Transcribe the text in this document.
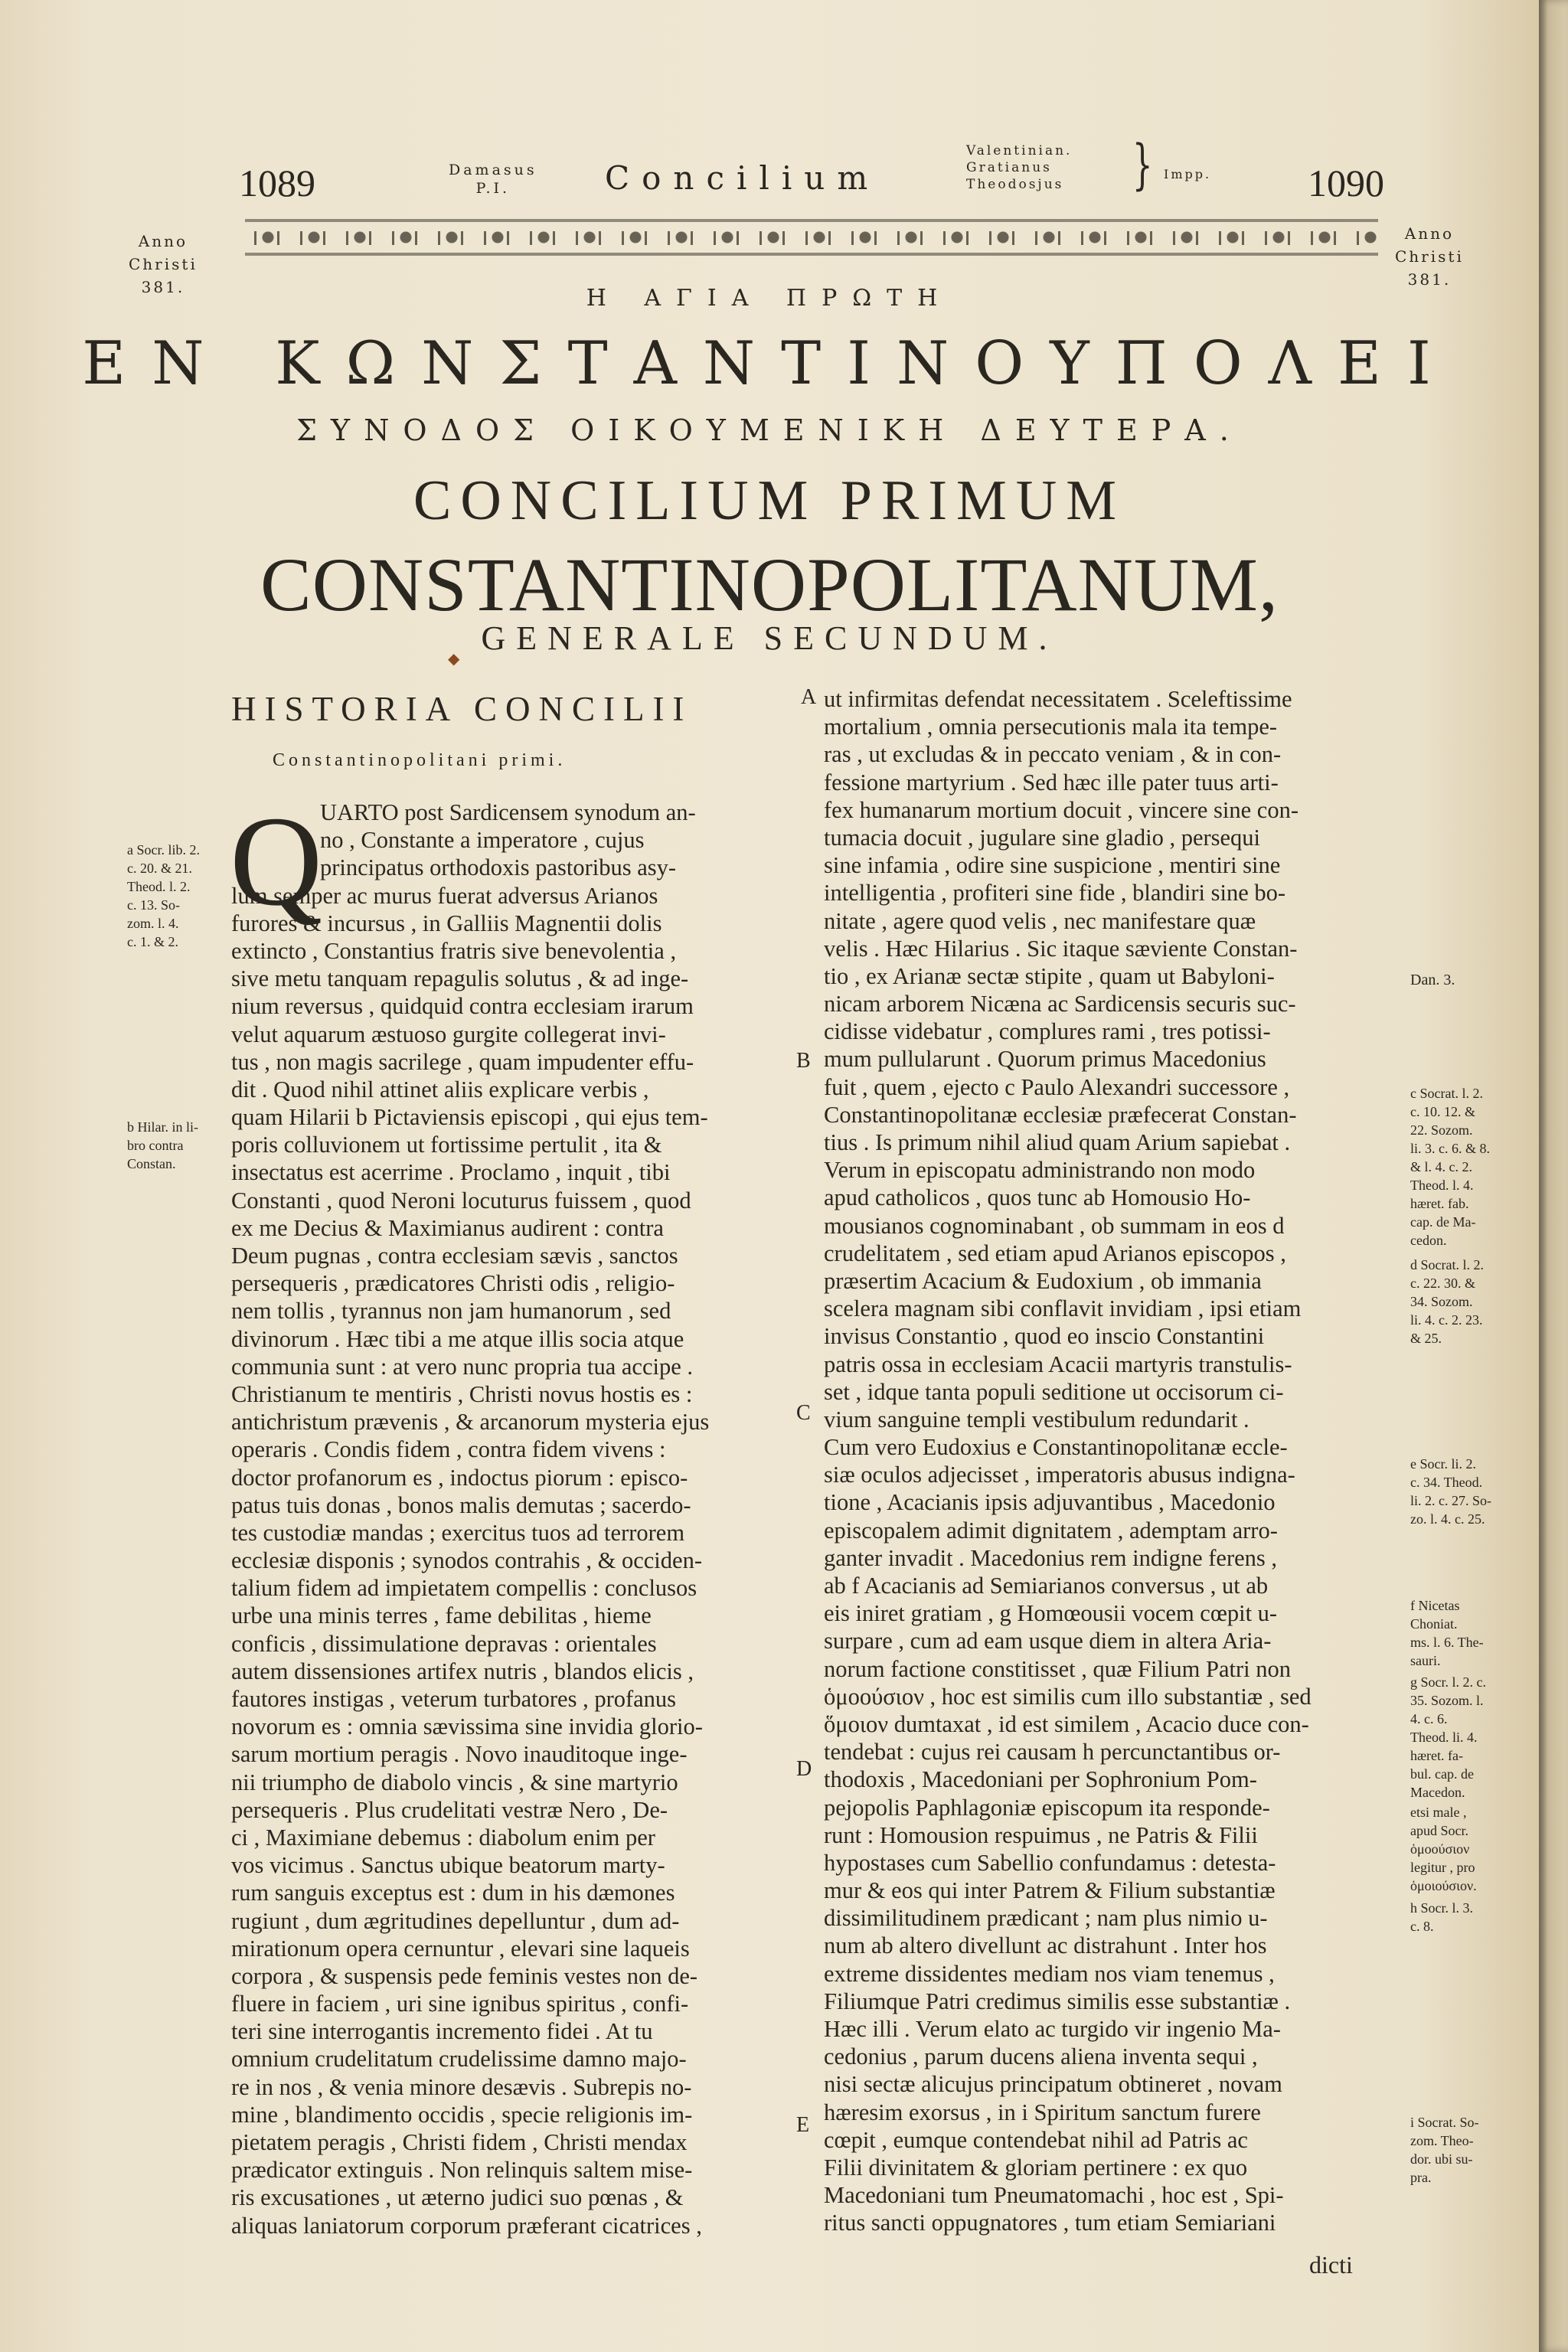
1089	Damasus
P.I.	Concilium
Valentinian.
Gratianus
Theodosjus } Impp.	1090
Anno
Christi
381.
Anno
Christi
381.
Η ΑΓΙΑ ΠΡΩΤΗ
ΕΝ ΚΩΝΣΤΑΝΤΙΝΟΥΠΟΛΕΙ
ΣΥΝΟΔΟΣ ΟΙΚΟΥΜΕΝΙΚΗ ΔΕΥΤΕΡΑ.
CONCILIUM PRIMUM
CONSTANTINOPOLITANUM,
GENERALE SECUNDUM.
◆
HISTORIA CONCILII
Constantinopolitani primi.
Q
UARTO post Sardicensem synodum an-
no , Constante a imperatore , cujus
principatus orthodoxis pastoribus asy-
lum semper ac murus fuerat adversus Arianos
furores & incursus , in Galliis Magnentii dolis
extincto , Constantius fratris sive benevolentia ,
sive metu tanquam repagulis solutus , & ad inge-
nium reversus , quidquid contra ecclesiam irarum
velut aquarum æstuoso gurgite collegerat invi-
tus , non magis sacrilege , quam impudenter effu-
dit . Quod nihil attinet aliis explicare verbis ,
quam Hilarii b Pictaviensis episcopi , qui ejus tem-
poris colluvionem ut fortissime pertulit , ita &
insectatus est acerrime . Proclamo , inquit , tibi
Constanti , quod Neroni locuturus fuissem , quod
ex me Decius & Maximianus audirent : contra
Deum pugnas , contra ecclesiam sævis , sanctos
persequeris , prædicatores Christi odis , religio-
nem tollis , tyrannus non jam humanorum , sed
divinorum . Hæc tibi a me atque illis socia atque
communia sunt : at vero nunc propria tua accipe .
Christianum te mentiris , Christi novus hostis es :
antichristum prævenis , & arcanorum mysteria ejus
operaris . Condis fidem , contra fidem vivens :
doctor profanorum es , indoctus piorum : episco-
patus tuis donas , bonos malis demutas ; sacerdo-
tes custodiæ mandas ; exercitus tuos ad terrorem
ecclesiæ disponis ; synodos contrahis , & occiden-
talium fidem ad impietatem compellis : conclusos
urbe una minis terres , fame debilitas , hieme
conficis , dissimulatione depravas : orientales
autem dissensiones artifex nutris , blandos elicis ,
fautores instigas , veterum turbatores , profanus
novorum es : omnia sævissima sine invidia glorio-
sarum mortium peragis . Novo inauditoque inge-
nii triumpho de diabolo vincis , & sine martyrio
persequeris . Plus crudelitati vestræ Nero , De-
ci , Maximiane debemus : diabolum enim per
vos vicimus . Sanctus ubique beatorum marty-
rum sanguis exceptus est : dum in his dæmones
rugiunt , dum ægritudines depelluntur , dum ad-
mirationum opera cernuntur , elevari sine laqueis
corpora , & suspensis pede feminis vestes non de-
fluere in faciem , uri sine ignibus spiritus , confi-
teri sine interrogantis incremento fidei . At tu
omnium crudelitatum crudelissime damno majo-
re in nos , & venia minore desævis . Subrepis no-
mine , blandimento occidis , specie religionis im-
pietatem peragis , Christi fidem , Christi mendax
prædicator extinguis . Non relinquis saltem mise-
ris excusationes , ut æterno judici suo pœnas , &
aliquas laniatorum corporum præferant cicatrices ,
ut infirmitas defendat necessitatem . Sceleftissime
mortalium , omnia persecutionis mala ita tempe-
ras , ut excludas & in peccato veniam , & in con-
fessione martyrium . Sed hæc ille pater tuus arti-
fex humanarum mortium docuit , vincere sine con-
tumacia docuit , jugulare sine gladio , persequi
sine infamia , odire sine suspicione , mentiri sine
intelligentia , profiteri sine fide , blandiri sine bo-
nitate , agere quod velis , nec manifestare quæ
velis . Hæc Hilarius . Sic itaque sæviente Constan-
tio , ex Arianæ sectæ stipite , quam ut Babyloni-
nicam arborem Nicæna ac Sardicensis securis suc-
cidisse videbatur , complures rami , tres potissi-
mum pullularunt . Quorum primus Macedonius
fuit , quem , ejecto c Paulo Alexandri successore ,
Constantinopolitanæ ecclesiæ præfecerat Constan-
tius . Is primum nihil aliud quam Arium sapiebat .
Verum in episcopatu administrando non modo
apud catholicos , quos tunc ab Homousio Ho-
mousianos cognominabant , ob summam in eos d
crudelitatem , sed etiam apud Arianos episcopos ,
præsertim Acacium & Eudoxium , ob immania
scelera magnam sibi conflavit invidiam , ipsi etiam
invisus Constantio , quod eo inscio Constantini
patris ossa in ecclesiam Acacii martyris transtulis-
set , idque tanta populi seditione ut occisorum ci-
vium sanguine templi vestibulum redundarit .
Cum vero Eudoxius e Constantinopolitanæ eccle-
siæ oculos adjecisset , imperatoris abusus indigna-
tione , Acacianis ipsis adjuvantibus , Macedonio
episcopalem adimit dignitatem , ademptam arro-
ganter invadit . Macedonius rem indigne ferens ,
ab f Acacianis ad Semiarianos conversus , ut ab
eis iniret gratiam , g Homœousii vocem cœpit u-
surpare , cum ad eam usque diem in altera Aria-
norum factione constitisset , quæ Filium Patri non
ὁμοούσιον , hoc est similis cum illo substantiæ , sed
ὅμοιον dumtaxat , id est similem , Acacio duce con-
tendebat : cujus rei causam h percunctantibus or-
thodoxis , Macedoniani per Sophronium Pom-
pejopolis Paphlagoniæ episcopum ita responde-
runt : Homousion respuimus , ne Patris & Filii
hypostases cum Sabellio confundamus : detesta-
mur & eos qui inter Patrem & Filium substantiæ
dissimilitudinem prædicant ; nam plus nimio u-
num ab altero divellunt ac distrahunt . Inter hos
extreme dissidentes mediam nos viam tenemus ,
Filiumque Patri credimus similis esse substantiæ .
Hæc illi . Verum elato ac turgido vir ingenio Ma-
cedonius , parum ducens aliena inventa sequi ,
nisi sectæ alicujus principatum obtineret , novam
hæresim exorsus , in i Spiritum sanctum furere
cœpit , eumque contendebat nihil ad Patris ac
Filii divinitatem & gloriam pertinere : ex quo
Macedoniani tum Pneumatomachi , hoc est , Spi-
ritus sancti oppugnatores , tum etiam Semiariani
A
B
C
D
E
a Socr. lib. 2.
c. 20. & 21.
Theod. l. 2.
c. 13. So-
zom. l. 4.
c. 1. & 2.
b Hilar. in li-
bro contra
Constan.
Dan. 3.
c Socrat. l. 2.
c. 10. 12. &
22. Sozom.
li. 3. c. 6. & 8.
& l. 4. c. 2.
Theod. l. 4.
hæret. fab.
cap. de Ma-
cedon.
d Socrat. l. 2.
c. 22. 30. &
34. Sozom.
li. 4. c. 2. 23.
& 25.
e Socr. li. 2.
c. 34. Theod.
li. 2. c. 27. So-
zo. l. 4. c. 25.
f Nicetas
Choniat.
ms. l. 6. The-
sauri.
g Socr. l. 2. c.
35. Sozom. l.
4. c. 6.
Theod. li. 4.
hæret. fa-
bul. cap. de
Macedon.
etsi male ,
apud Socr.
ὁμοούσιον
legitur , pro
ὁμοιούσιον.
h Socr. l. 3.
c. 8.
i Socrat. So-
zom. Theo-
dor. ubi su-
pra.
dicti
